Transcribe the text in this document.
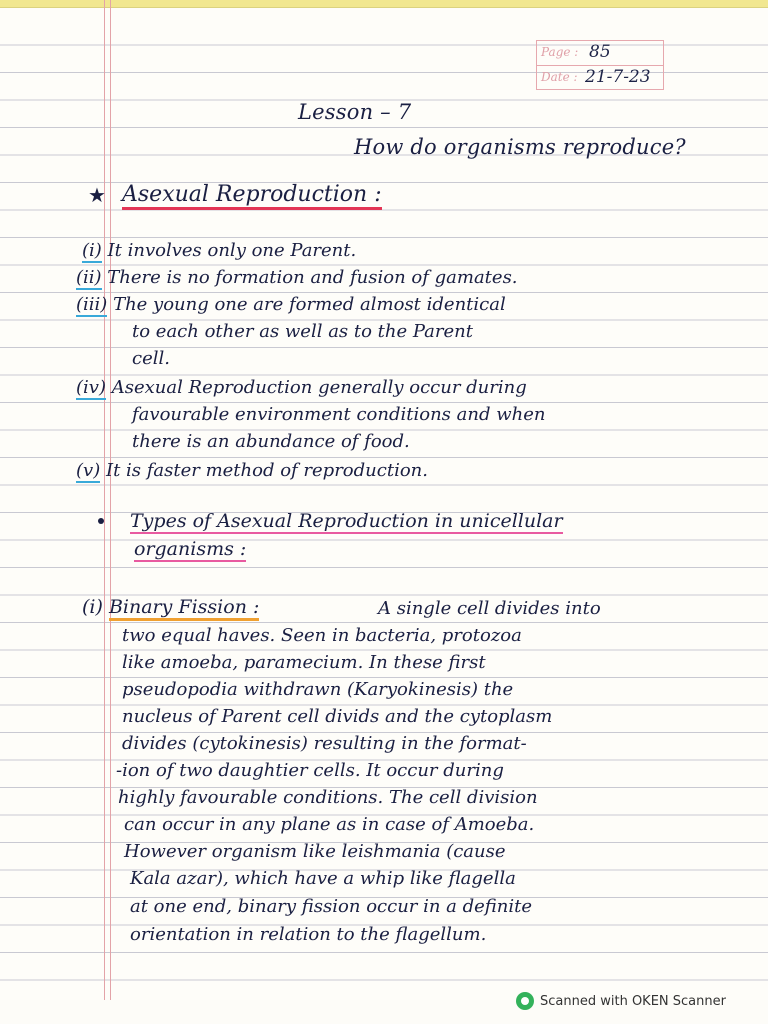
Page : 85
Date : 21-7-23
Lesson – 7
How do organisms reproduce?
★ Asexual Reproduction :
(i) It involves only one Parent.
(ii) There is no formation and fusion of gamates.
(iii) The young one are formed almost identical
to each other as well as to the Parent
cell.
(iv) Asexual Reproduction generally occur during
favourable environment conditions and when
there is an abundance of food.
(v) It is faster method of reproduction.
Types of Asexual Reproduction in unicellular
organisms :
(i) Binary Fission :	A single cell divides into
two equal haves. Seen in bacteria, protozoa
like amoeba, paramecium. In these first
pseudopodia withdrawn (Karyokinesis) the
nucleus of Parent cell divids and the cytoplasm
divides (cytokinesis) resulting in the format-
-ion of two daughtier cells. It occur during
highly favourable conditions. The cell division
can occur in any plane as in case of Amoeba.
However organism like leishmania (cause
Kala azar), which have a whip like flagella
at one end, binary fission occur in a definite
orientation in relation to the flagellum.
Scanned with OKEN Scanner
